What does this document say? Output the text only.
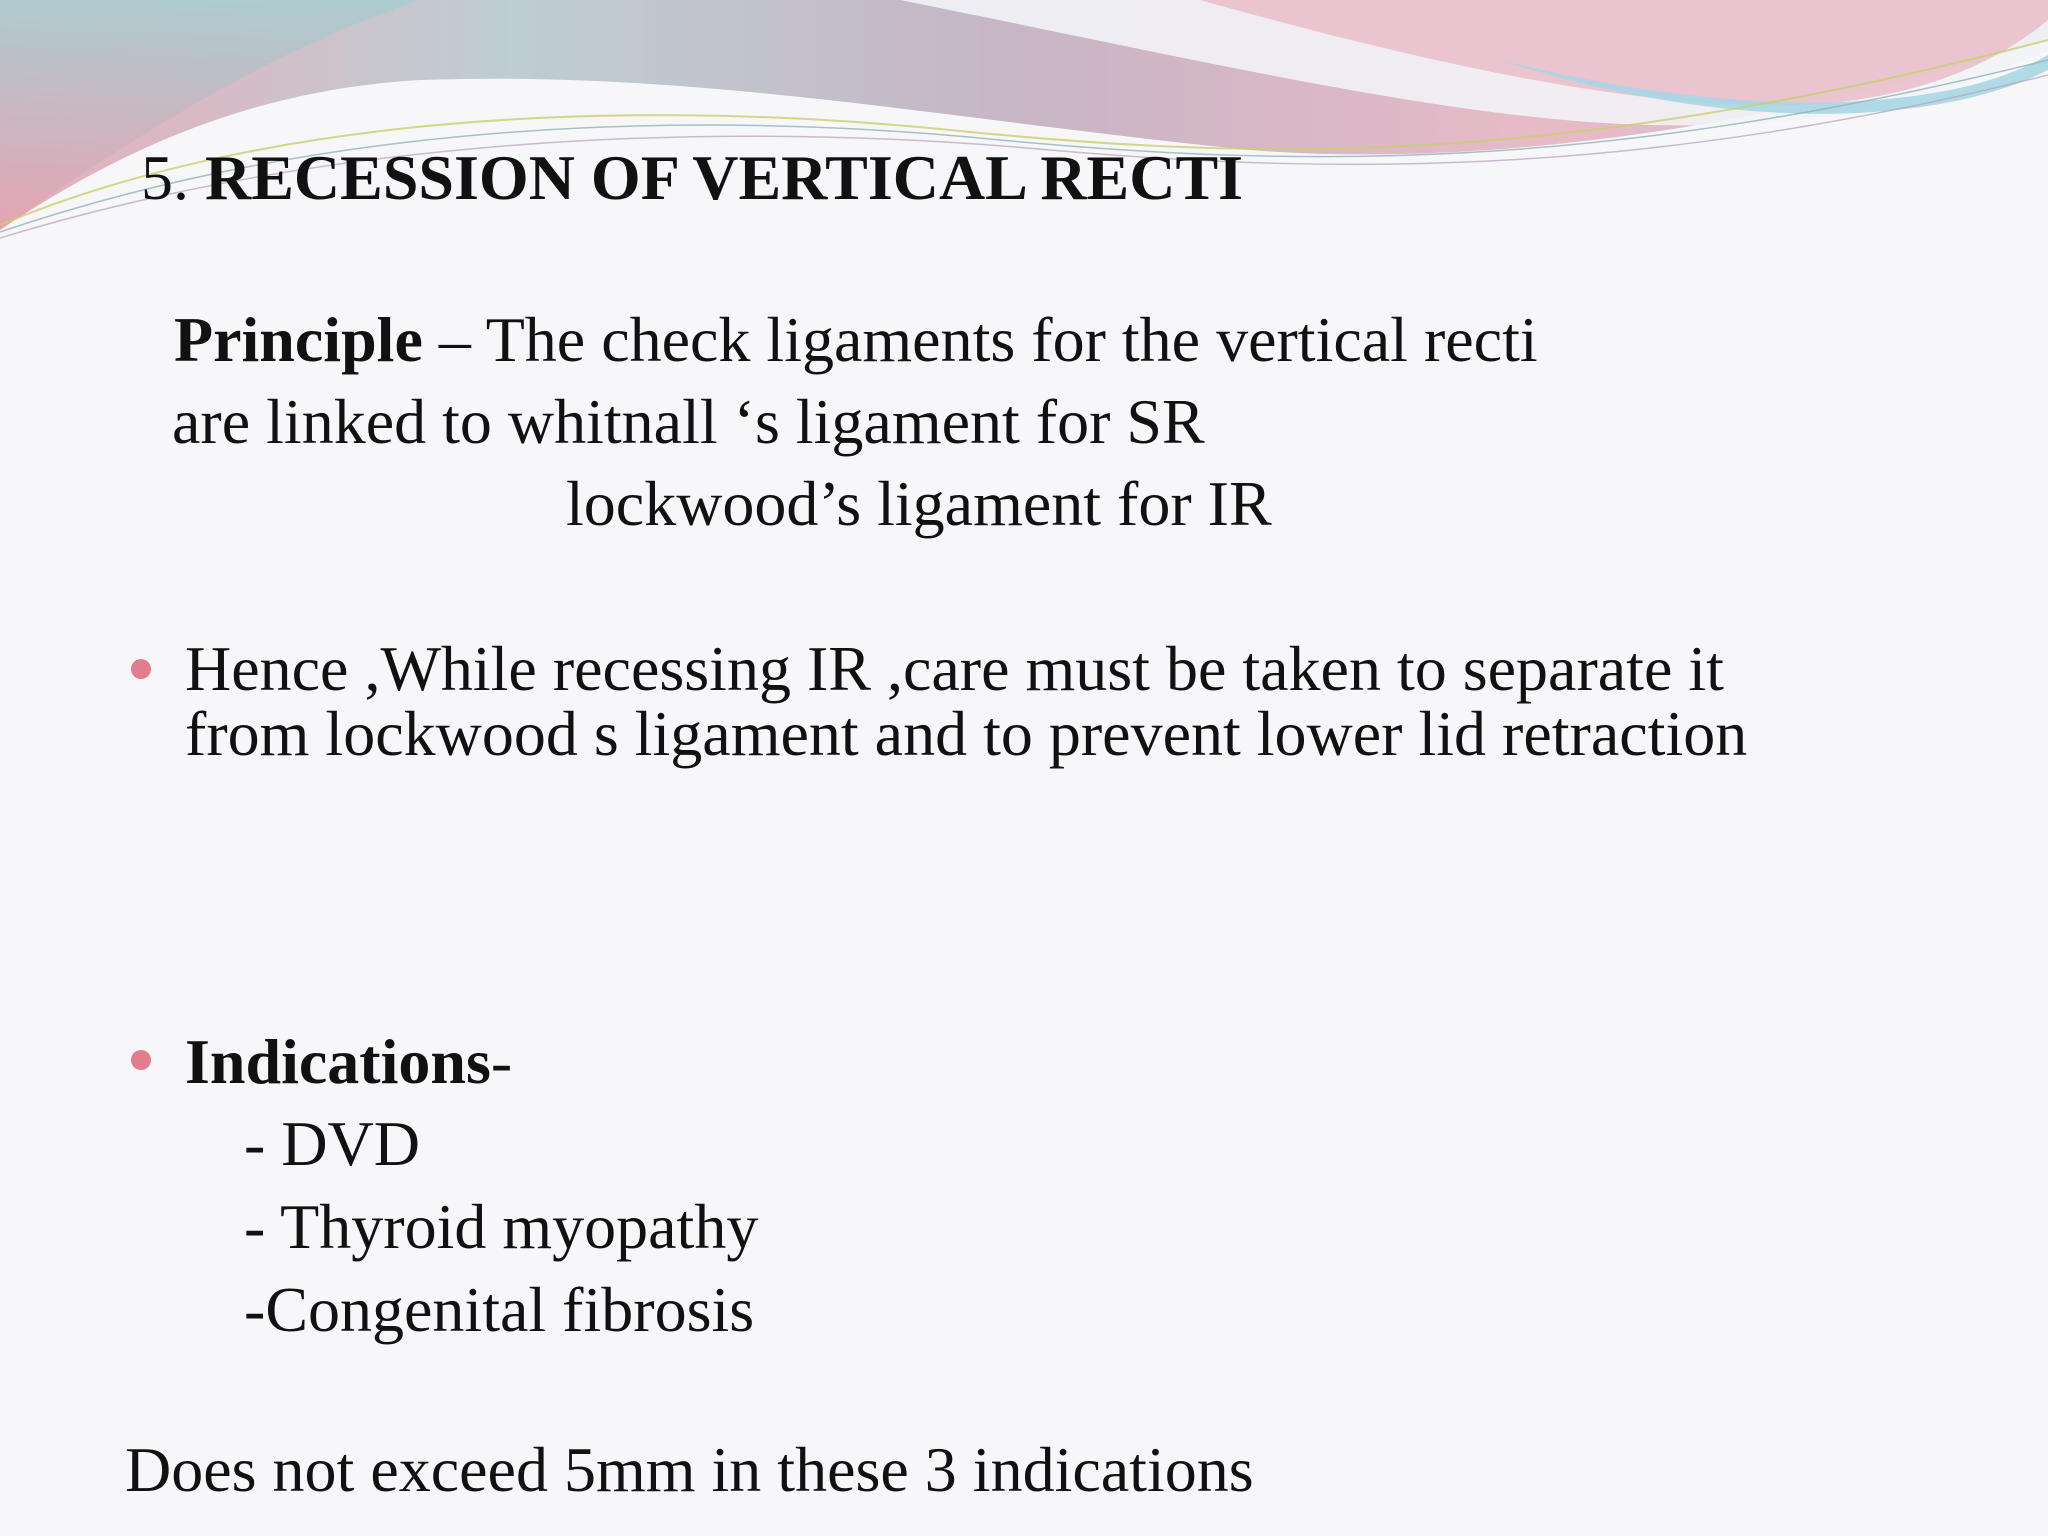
5. RECESSION OF VERTICAL RECTI
Principle – The check ligaments for the vertical recti
are linked to whitnall ‘s ligament for SR
lockwood’s ligament for IR
Hence ,While recessing IR ,care must be taken to separate it
from lockwood s ligament and to prevent lower lid retraction
Indications-
- DVD
- Thyroid myopathy
-Congenital fibrosis
Does not exceed 5mm in these 3 indications
